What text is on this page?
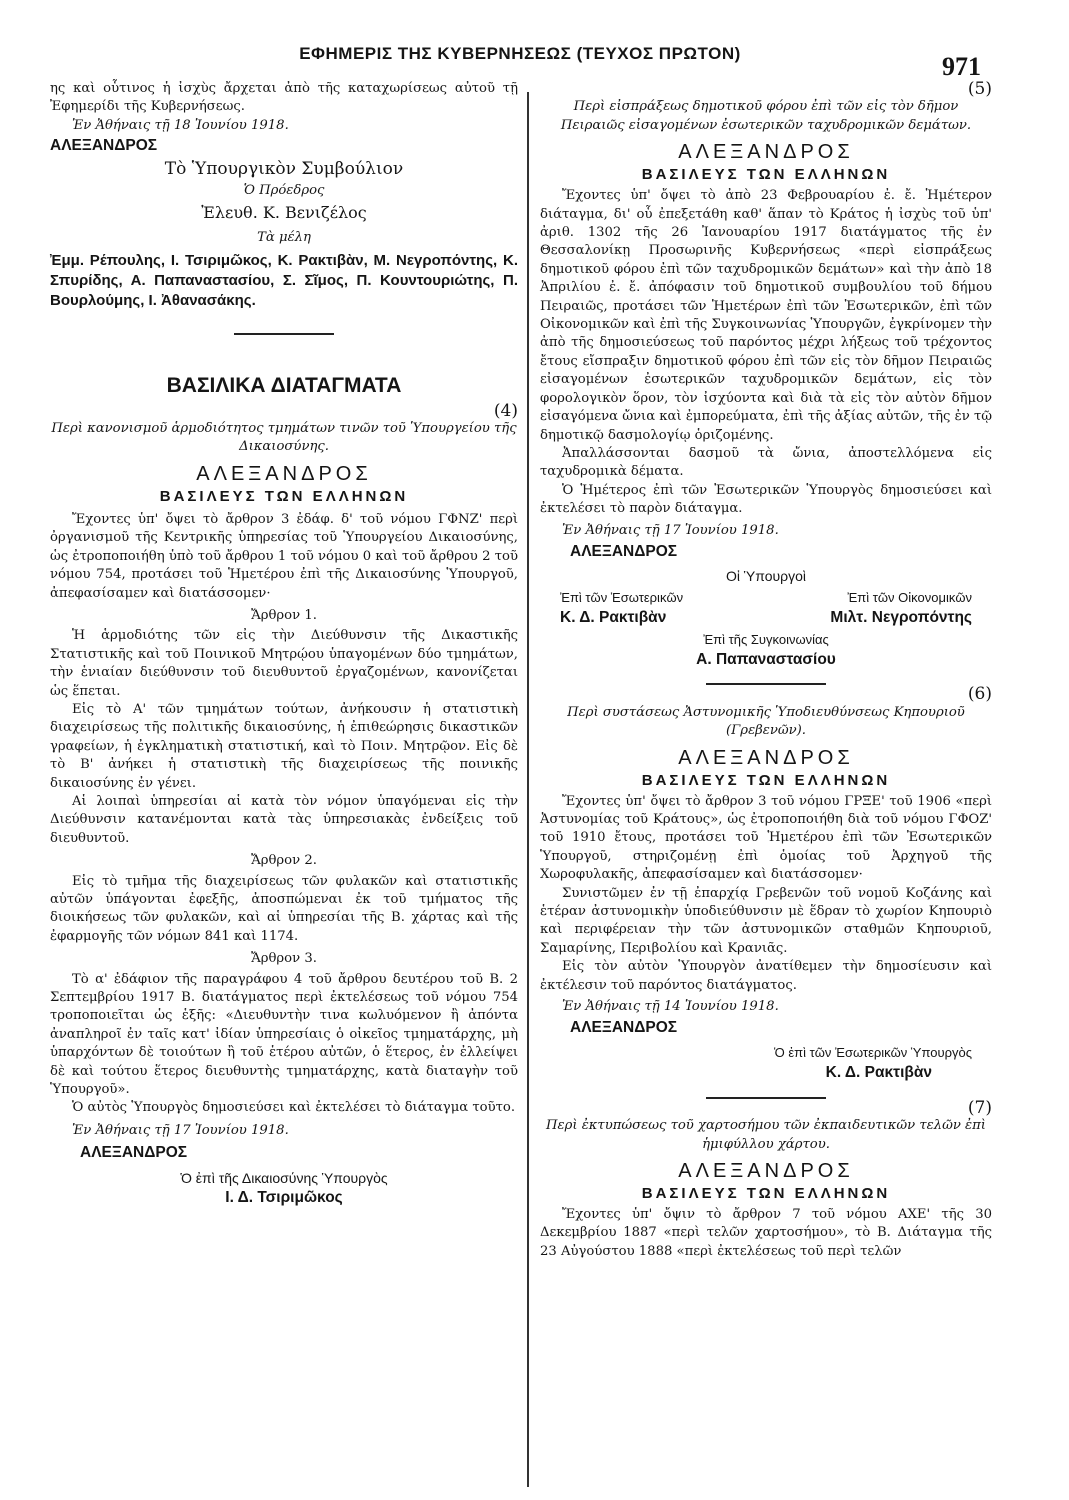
ΕΦΗΜΕΡΙΣ ΤΗΣ ΚΥΒΕΡΝΗΣΕΩΣ (ΤΕΥΧΟΣ ΠΡΩΤΟΝ)	971

ης καὶ οὗτινος ἡ ἰσχὺς ἄρχεται ἀπὸ τῆς καταχωρίσεως αὐτοῦ τῇ Ἐφημερίδι τῆς Κυβερνήσεως.

Ἐν Ἀθήναις τῇ 18 Ἰουνίου 1918.

ΑΛΕΞΑΝΔΡΟΣ
Τὸ Ὑπουργικὸν Συμβούλιον
Ὁ Πρόεδρος
Ἐλευθ. Κ. Βενιζέλος
Τὰ μέλη
Ἐμμ. Ρέπουλης, Ι. Τσιριμῶκος, Κ. Ρακτιβὰν, Μ. Νεγροπόντης, Κ. Σπυρίδης, Α. Παπαναστασίου, Σ. Σῖμος, Π. Κουντουριώτης, Π. Βουρλούμης, Ι. Ἀθανασάκης.
ΒΑΣΙΛΙΚΑ ΔΙΑΤΑΓΜΑΤΑ
(4)
Περὶ κανονισμοῦ ἁρμοδιότητος τμημάτων τινῶν τοῦ Ὑπουργείου τῆς Δικαιοσύνης.
ΑΛΕΞΑΝΔΡΟΣ
ΒΑΣΙΛΕΥΣ ΤΩΝ ΕΛΛΗΝΩΝ

Ἔχοντες ὑπ' ὄψει τὸ ἄρθρον 3 ἐδάφ. δ' τοῦ νόμου ΓΦΝΖ' περὶ ὀργανισμοῦ τῆς Κεντρικῆς ὑπηρεσίας τοῦ Ὑπουργείου Δικαιοσύνης, ὡς ἐτροποποιήθη ὑπὸ τοῦ ἄρθρου 1 τοῦ νόμου 0 καὶ τοῦ ἄρθρου 2 τοῦ νόμου 754, προτάσει τοῦ Ἡμετέρου ἐπὶ τῆς Δικαιοσύνης Ὑπουργοῦ, ἀπεφασίσαμεν καὶ διατάσσομεν·

Ἄρθρον 1.

Ἡ ἁρμοδιότης τῶν εἰς τὴν Διεύθυνσιν τῆς Δικαστικῆς Στατιστικῆς καὶ τοῦ Ποινικοῦ Μητρῴου ὑπαγομένων δύο τμημάτων, τὴν ἑνιαίαν διεύθυνσιν τοῦ διευθυντοῦ ἐργαζομένων, κανονίζεται ὡς ἕπεται.

Εἰς τὸ Α' τῶν τμημάτων τούτων, ἀνήκουσιν ἡ στατιστικὴ διαχειρίσεως τῆς πολιτικῆς δικαιοσύνης, ἡ ἐπιθεώρησις δικαστικῶν γραφείων, ἡ ἐγκληματικὴ στατιστική, καὶ τὸ Ποιν. Μητρῷον. Εἰς δὲ τὸ Β' ἀνήκει ἡ στατιστικὴ τῆς διαχειρίσεως τῆς ποινικῆς δικαιοσύνης ἐν γένει.

Αἱ λοιπαὶ ὑπηρεσίαι αἱ κατὰ τὸν νόμον ὑπαγόμεναι εἰς τὴν Διεύθυνσιν κατανέμονται κατὰ τὰς ὑπηρεσιακὰς ἐνδείξεις τοῦ διευθυντοῦ.

Ἄρθρον 2.

Εἰς τὸ τμῆμα τῆς διαχειρίσεως τῶν φυλακῶν καὶ στατιστικῆς αὐτῶν ὑπάγονται ἐφεξῆς, ἀποσπώμεναι ἐκ τοῦ τμήματος τῆς διοικήσεως τῶν φυλακῶν, καὶ αἱ ὑπηρεσίαι τῆς Β. χάρτας καὶ τῆς ἐφαρμογῆς τῶν νόμων 841 καὶ 1174.

Ἄρθρον 3.

Τὸ α' ἐδάφιον τῆς παραγράφου 4 τοῦ ἄρθρου δευτέρου τοῦ Β. 2 Σεπτεμβρίου 1917 Β. διατάγματος περὶ ἐκτελέσεως τοῦ νόμου 754 τροποποιεῖται ὡς ἑξῆς: «Διευθυντὴν τινα κωλυόμενον ἢ ἀπόντα ἀναπληροῖ ἐν ταῖς κατ' ἰδίαν ὑπηρεσίαις ὁ οἰκεῖος τμηματάρχης, μὴ ὑπαρχόντων δὲ τοιούτων ἢ τοῦ ἑτέρου αὐτῶν, ὁ ἕτερος, ἐν ἐλλείψει δὲ καὶ τούτου ἕτερος διευθυντὴς τμηματάρχης, κατὰ διαταγὴν τοῦ Ὑπουργοῦ».

Ὁ αὐτὸς Ὑπουργὸς δημοσιεύσει καὶ ἐκτελέσει τὸ διάταγμα τοῦτο.

Ἐν Ἀθήναις τῇ 17 Ἰουνίου 1918.

ΑΛΕΞΑΝΔΡΟΣ
Ὁ ἐπὶ τῆς Δικαιοσύνης Ὑπουργὸς
Ι. Δ. Τσιριμῶκος
(5)
Περὶ εἰσπράξεως δημοτικοῦ φόρου ἐπὶ τῶν εἰς τὸν δῆμον Πειραιῶς εἰσαγομένων ἐσωτερικῶν ταχυδρομικῶν δεμάτων.
ΑΛΕΞΑΝΔΡΟΣ
ΒΑΣΙΛΕΥΣ ΤΩΝ ΕΛΛΗΝΩΝ

Ἔχοντες ὑπ' ὄψει τὸ ἀπὸ 23 Φεβρουαρίου ἐ. ἔ. Ἡμέτερον διάταγμα, δι' οὗ ἐπεξετάθη καθ' ἅπαν τὸ Κράτος ἡ ἰσχὺς τοῦ ὑπ' ἀριθ. 1302 τῆς 26 Ἰανουαρίου 1917 διατάγματος τῆς ἐν Θεσσαλονίκῃ Προσωρινῆς Κυβερνήσεως «περὶ εἰσπράξεως δημοτικοῦ φόρου ἐπὶ τῶν ταχυδρομικῶν δεμάτων» καὶ τὴν ἀπὸ 18 Ἀπριλίου ἐ. ἔ. ἀπόφασιν τοῦ δημοτικοῦ συμβουλίου τοῦ δήμου Πειραιῶς, προτάσει τῶν Ἡμετέρων ἐπὶ τῶν Ἐσωτερικῶν, ἐπὶ τῶν Οἰκονομικῶν καὶ ἐπὶ τῆς Συγκοινωνίας Ὑπουργῶν, ἐγκρίνομεν τὴν ἀπὸ τῆς δημοσιεύσεως τοῦ παρόντος μέχρι λήξεως τοῦ τρέχοντος ἔτους εἴσπραξιν δημοτικοῦ φόρου ἐπὶ τῶν εἰς τὸν δῆμον Πειραιῶς εἰσαγομένων ἐσωτερικῶν ταχυδρομικῶν δεμάτων, εἰς τὸν φορολογικὸν ὅρον, τὸν ἰσχύοντα καὶ διὰ τὰ εἰς τὸν αὐτὸν δῆμον εἰσαγόμενα ὤνια καὶ ἐμπορεύματα, ἐπὶ τῆς ἀξίας αὐτῶν, τῆς ἐν τῷ δημοτικῷ δασμολογίῳ ὁριζομένης.

Ἀπαλλάσσονται δασμοῦ τὰ ὤνια, ἀποστελλόμενα εἰς ταχυδρομικὰ δέματα.

Ὁ Ἡμέτερος ἐπὶ τῶν Ἐσωτερικῶν Ὑπουργὸς δημοσιεύσει καὶ ἐκτελέσει τὸ παρὸν διάταγμα.

Ἐν Ἀθήναις τῇ 17 Ἰουνίου 1918.

ΑΛΕΞΑΝΔΡΟΣ
Οἱ Ὑπουργοὶ
Ἐπὶ τῶν Ἐσωτερικῶν	Ἐπὶ τῶν Οἰκονομικῶν
Κ. Δ. Ρακτιβὰν	Μιλτ. Νεγροπόντης
Ἐπὶ τῆς Συγκοινωνίας
Α. Παπαναστασίου
(6)
Περὶ συστάσεως Ἀστυνομικῆς Ὑποδιευθύνσεως Κηπουριοῦ (Γρεβενῶν).
ΑΛΕΞΑΝΔΡΟΣ
ΒΑΣΙΛΕΥΣ ΤΩΝ ΕΛΛΗΝΩΝ

Ἔχοντες ὑπ' ὄψει τὸ ἄρθρον 3 τοῦ νόμου ΓΡΞΕ' τοῦ 1906 «περὶ Ἀστυνομίας τοῦ Κράτους», ὡς ἐτροποποιήθη διὰ τοῦ νόμου ΓΦΟΖ' τοῦ 1910 ἔτους, προτάσει τοῦ Ἡμετέρου ἐπὶ τῶν Ἐσωτερικῶν Ὑπουργοῦ, στηριζομένῃ ἐπὶ ὁμοίας τοῦ Ἀρχηγοῦ τῆς Χωροφυλακῆς, ἀπεφασίσαμεν καὶ διατάσσομεν·

Συνιστῶμεν ἐν τῇ ἐπαρχίᾳ Γρεβενῶν τοῦ νομοῦ Κοζάνης καὶ ἑτέραν ἀστυνομικὴν ὑποδιεύθυνσιν μὲ ἕδραν τὸ χωρίον Κηπουριὸ καὶ περιφέρειαν τὴν τῶν ἀστυνομικῶν σταθμῶν Κηπουριοῦ, Σαμαρίνης, Περιβολίου καὶ Κρανιᾶς.

Εἰς τὸν αὐτὸν Ὑπουργὸν ἀνατίθεμεν τὴν δημοσίευσιν καὶ ἐκτέλεσιν τοῦ παρόντος διατάγματος.

Ἐν Ἀθήναις τῇ 14 Ἰουνίου 1918.

ΑΛΕΞΑΝΔΡΟΣ
Ὁ ἐπὶ τῶν Ἐσωτερικῶν Ὑπουργὸς
Κ. Δ. Ρακτιβὰν
(7)
Περὶ ἐκτυπώσεως τοῦ χαρτοσήμου τῶν ἐκπαιδευτικῶν τελῶν ἐπὶ ἡμιφύλλου χάρτου.
ΑΛΕΞΑΝΔΡΟΣ
ΒΑΣΙΛΕΥΣ ΤΩΝ ΕΛΛΗΝΩΝ

Ἔχοντες ὑπ' ὄψιν τὸ ἄρθρον 7 τοῦ νόμου ΑΧΕ' τῆς 30 Δεκεμβρίου 1887 «περὶ τελῶν χαρτοσήμου», τὸ Β. Διάταγμα τῆς 23 Αὐγούστου 1888 «περὶ ἐκτελέσεως τοῦ περὶ τελῶν
